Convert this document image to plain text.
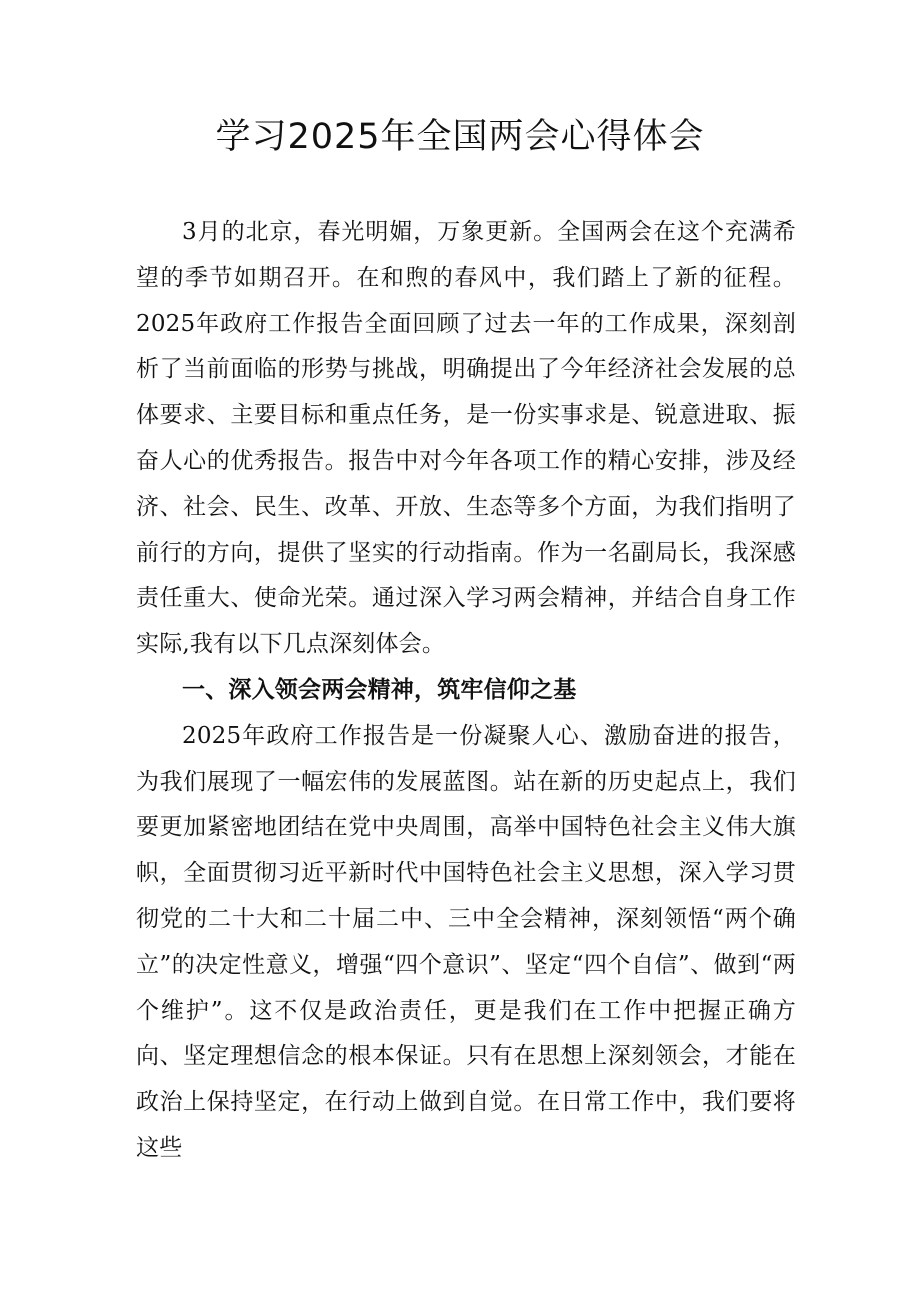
学习2025年全国两会心得体会

3月的北京，春光明媚，万象更新。全国两会在这个充满希望的季节如期召开。在和煦的春风中，我们踏上了新的征程。2025年政府工作报告全面回顾了过去一年的工作成果，深刻剖析了当前面临的形势与挑战，明确提出了今年经济社会发展的总体要求、主要目标和重点任务，是一份实事求是、锐意进取、振奋人心的优秀报告。报告中对今年各项工作的精心安排，涉及经济、社会、民生、改革、开放、生态等多个方面，为我们指明了前行的方向，提供了坚实的行动指南。作为一名副局长，我深感责任重大、使命光荣。通过深入学习两会精神，并结合自身工作实际,我有以下几点深刻体会。

一、深入领会两会精神，筑牢信仰之基

2025年政府工作报告是一份凝聚人心、激励奋进的报告，为我们展现了一幅宏伟的发展蓝图。站在新的历史起点上，我们要更加紧密地团结在党中央周围，高举中国特色社会主义伟大旗帜，全面贯彻习近平新时代中国特色社会主义思想，深入学习贯彻党的二十大和二十届二中、三中全会精神，深刻领悟“两个确立”的决定性意义，增强“四个意识”、坚定“四个自信”、做到“两个维护”。这不仅是政治责任，更是我们在工作中把握正确方向、坚定理想信念的根本保证。只有在思想上深刻领会，才能在政治上保持坚定，在行动上做到自觉。在日常工作中，我们要将这些
